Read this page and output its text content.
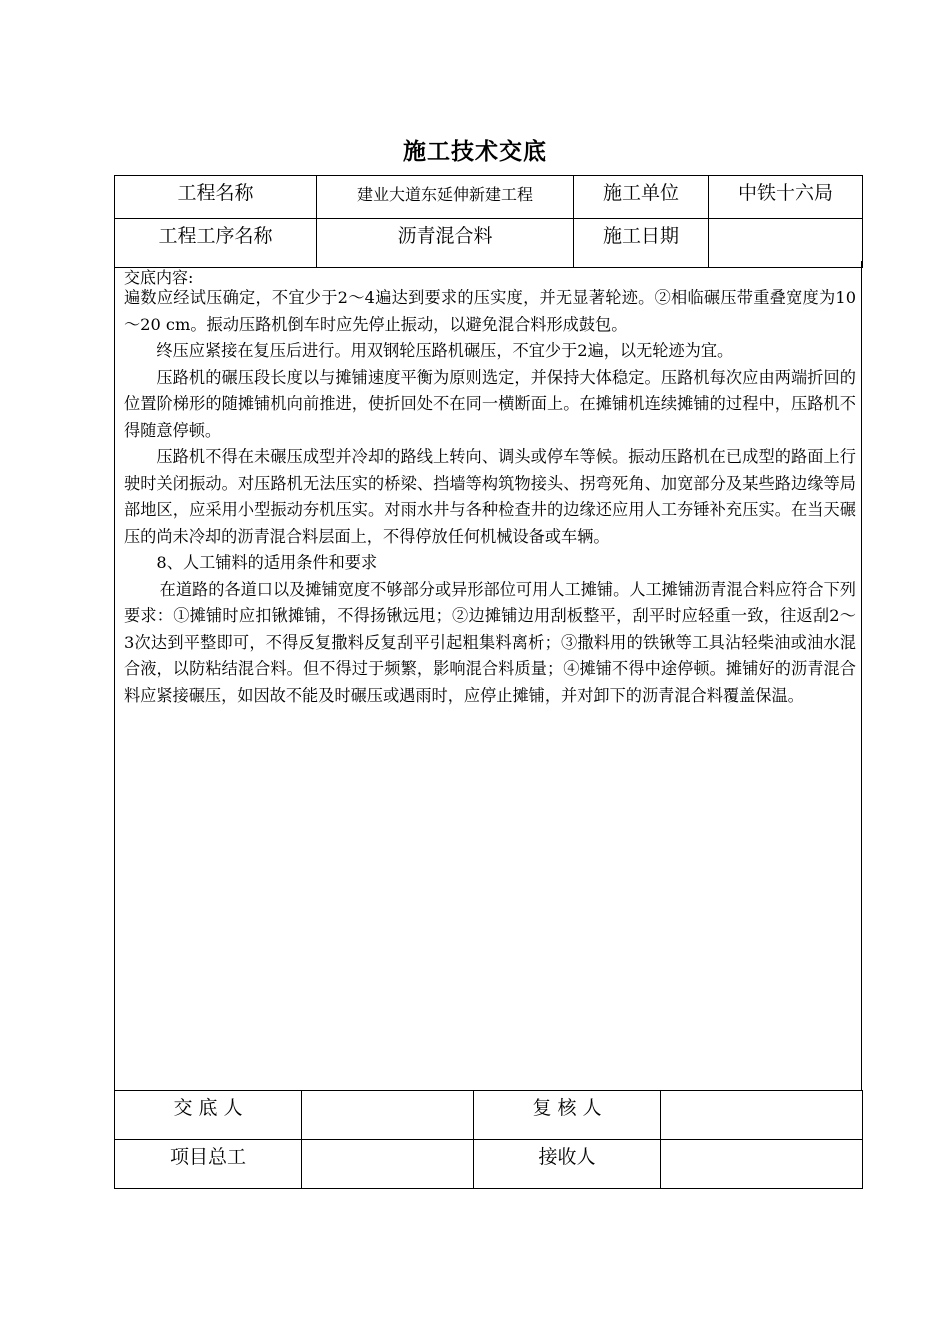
施工技术交底
工程名称	建业大道东延伸新建工程	施工单位	中铁十六局
工程工序名称	沥青混合料	施工日期	
交底内容:

遍数应经试压确定，不宜少于2～4遍达到要求的压实度，并无显著轮迹。②相临碾压带重叠宽度为10～20 cm。振动压路机倒车时应先停止振动，以避免混合料形成鼓包。

终压应紧接在复压后进行。用双钢轮压路机碾压，不宜少于2遍，以无轮迹为宜。

压路机的碾压段长度以与摊铺速度平衡为原则选定，并保持大体稳定。压路机每次应由两端折回的位置阶梯形的随摊铺机向前推进，使折回处不在同一横断面上。在摊铺机连续摊铺的过程中，压路机不得随意停顿。

压路机不得在未碾压成型并冷却的路线上转向、调头或停车等候。振动压路机在已成型的路面上行驶时关闭振动。对压路机无法压实的桥梁、挡墙等构筑物接头、拐弯死角、加宽部分及某些路边缘等局部地区，应采用小型振动夯机压实。对雨水井与各种检查井的边缘还应用人工夯锤补充压实。在当天碾压的尚未冷却的沥青混合料层面上，不得停放任何机械设备或车辆。

8、人工铺料的适用条件和要求

在道路的各道口以及摊铺宽度不够部分或异形部位可用人工摊铺。人工摊铺沥青混合料应符合下列要求：①摊铺时应扣锹摊铺，不得扬锹远甩；②边摊铺边用刮板整平，刮平时应轻重一致，往返刮2～3次达到平整即可，不得反复撒料反复刮平引起粗集料离析；③撒料用的铁锹等工具沾轻柴油或油水混合液，以防粘结混合料。但不得过于频繁，影响混合料质量；④摊铺不得中途停顿。摊铺好的沥青混合料应紧接碾压，如因故不能及时碾压或遇雨时，应停止摊铺，并对卸下的沥青混合料覆盖保温。

交 底 人		复 核 人	
项目总工		接收人	
